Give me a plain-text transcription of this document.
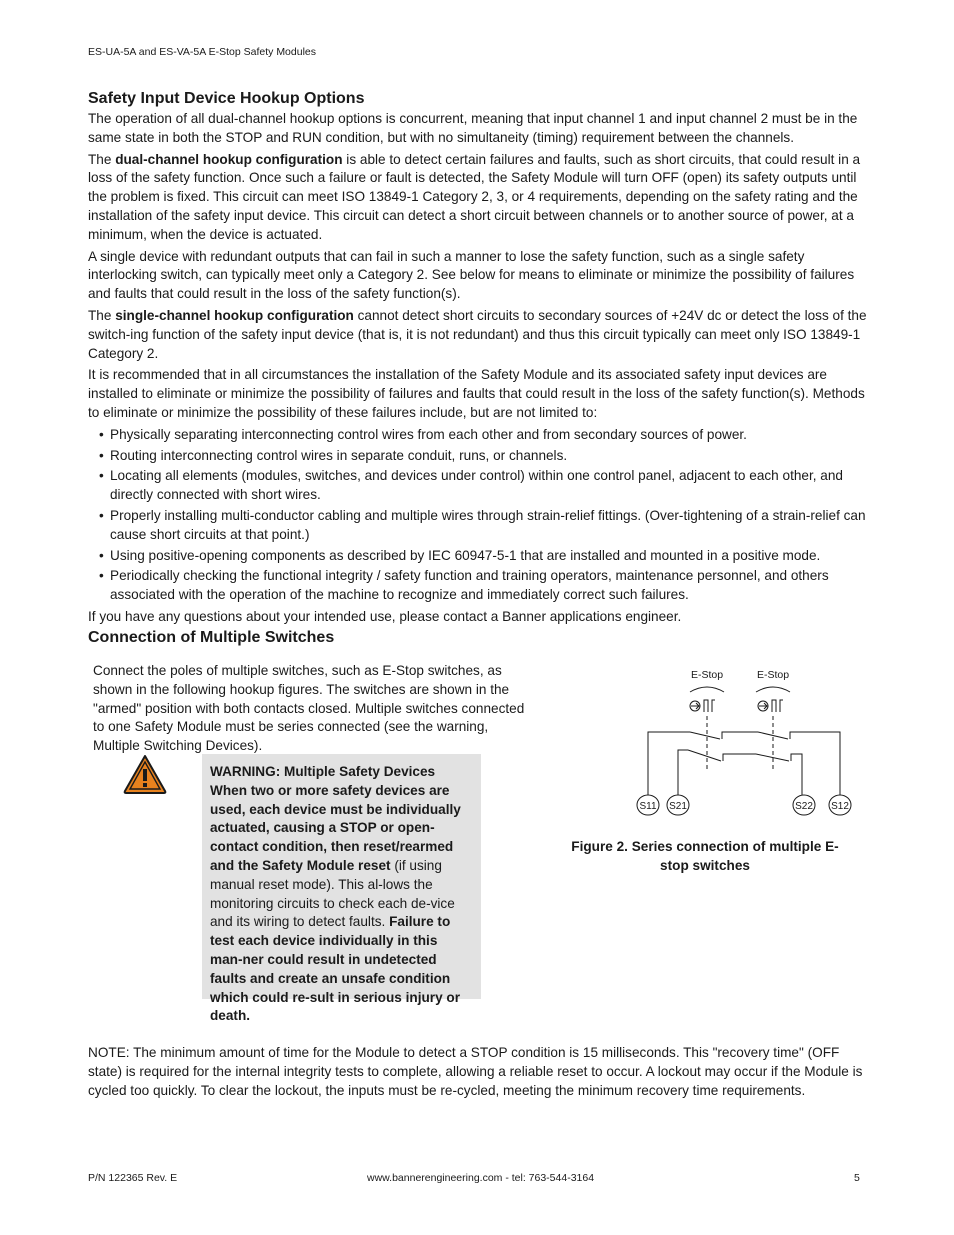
ES-UA-5A and ES-VA-5A E-Stop Safety Modules
Safety Input Device Hookup Options

The operation of all dual-channel hookup options is concurrent, meaning that input channel 1 and input channel 2 must be in the same state in both the STOP and RUN condition, but with no simultaneity (timing) requirement between the channels.

The dual-channel hookup configuration is able to detect certain failures and faults, such as short circuits, that could result in a loss of the safety function. Once such a failure or fault is detected, the Safety Module will turn OFF (open) its safety outputs until the problem is fixed. This circuit can meet ISO 13849-1 Category 2, 3, or 4 requirements, depending on the safety rating and the installation of the safety input device. This circuit can detect a short circuit between channels or to another source of power, at a minimum, when the device is actuated.

A single device with redundant outputs that can fail in such a manner to lose the safety function, such as a single safety interlocking switch, can typically meet only a Category 2. See below for means to eliminate or minimize the possibility of failures and faults that could result in the loss of the safety function(s).

The single-channel hookup configuration cannot detect short circuits to secondary sources of +24V dc or detect the loss of the switch-ing function of the safety input device (that is, it is not redundant) and thus this circuit typically can meet only ISO 13849-1 Category 2.

It is recommended that in all circumstances the installation of the Safety Module and its associated safety input devices are installed to eliminate or minimize the possibility of failures and faults that could result in the loss of the safety function(s). Methods to eliminate or minimize the possibility of these failures include, but are not limited to:

• Physically separating interconnecting control wires from each other and from secondary sources of power.
• Routing interconnecting control wires in separate conduit, runs, or channels.
• Locating all elements (modules, switches, and devices under control) within one control panel, adjacent to each other, and directly connected with short wires.
• Properly installing multi-conductor cabling and multiple wires through strain-relief fittings. (Over-tightening of a strain-relief can cause short circuits at that point.)
• Using positive-opening components as described by IEC 60947-5-1 that are installed and mounted in a positive mode.
• Periodically checking the functional integrity / safety function and training operators, maintenance personnel, and others associated with the operation of the machine to recognize and immediately correct such failures.

If you have any questions about your intended use, please contact a Banner applications engineer.

Connection of Multiple Switches

Connect the poles of multiple switches, such as E-Stop switches, as shown in the following hookup figures. The switches are shown in the "armed" position with both contacts closed. Multiple switches connected to one Safety Module must be series connected (see the warning, Multiple Switching Devices).

WARNING: Multiple Safety Devices

When two or more safety devices are used, each device must be individually actuated, causing a STOP or open-contact condition, then reset/rearmed and the Safety Module reset (if using manual reset mode). This al-lows the monitoring circuits to check each de-vice and its wiring to detect faults. Failure to test each device individually in this man-ner could result in undetected faults and create an unsafe condition which could re-sult in serious injury or death.

E-Stop	E-Stop
S11 S21	S22 S12
Figure 2. Series connection of multiple E-stop switches

NOTE: The minimum amount of time for the Module to detect a STOP condition is 15 milliseconds. This "recovery time" (OFF state) is required for the internal integrity tests to complete, allowing a reliable reset to occur. A lockout may occur if the Module is cycled too quickly. To clear the lockout, the inputs must be re-cycled, meeting the minimum recovery time requirements.

P/N 122365 Rev. E	www.bannerengineering.com - tel: 763-544-3164	5
